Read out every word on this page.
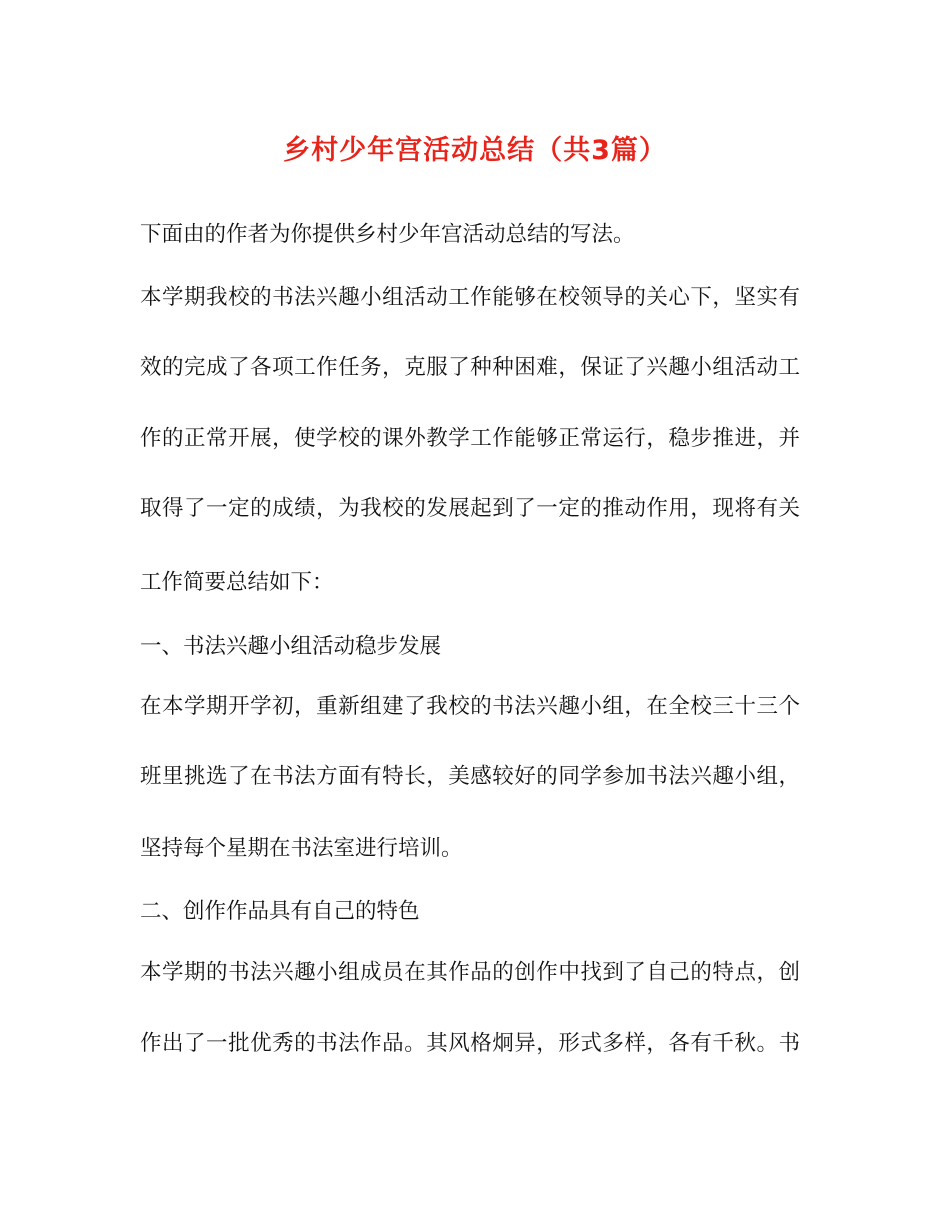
乡村少年宫活动总结（共3篇）

下面由的作者为你提供乡村少年宫活动总结的写法。

本学期我校的书法兴趣小组活动工作能够在校领导的关心下，坚实有

效的完成了各项工作任务，克服了种种困难，保证了兴趣小组活动工

作的正常开展，使学校的课外教学工作能够正常运行，稳步推进，并

取得了一定的成绩，为我校的发展起到了一定的推动作用，现将有关

工作简要总结如下：

一、书法兴趣小组活动稳步发展

在本学期开学初，重新组建了我校的书法兴趣小组，在全校三十三个

班里挑选了在书法方面有特长，美感较好的同学参加书法兴趣小组，

坚持每个星期在书法室进行培训。

二、创作作品具有自己的特色

本学期的书法兴趣小组成员在其作品的创作中找到了自己的特点，创

作出了一批优秀的书法作品。其风格炯异，形式多样，各有千秋。书
